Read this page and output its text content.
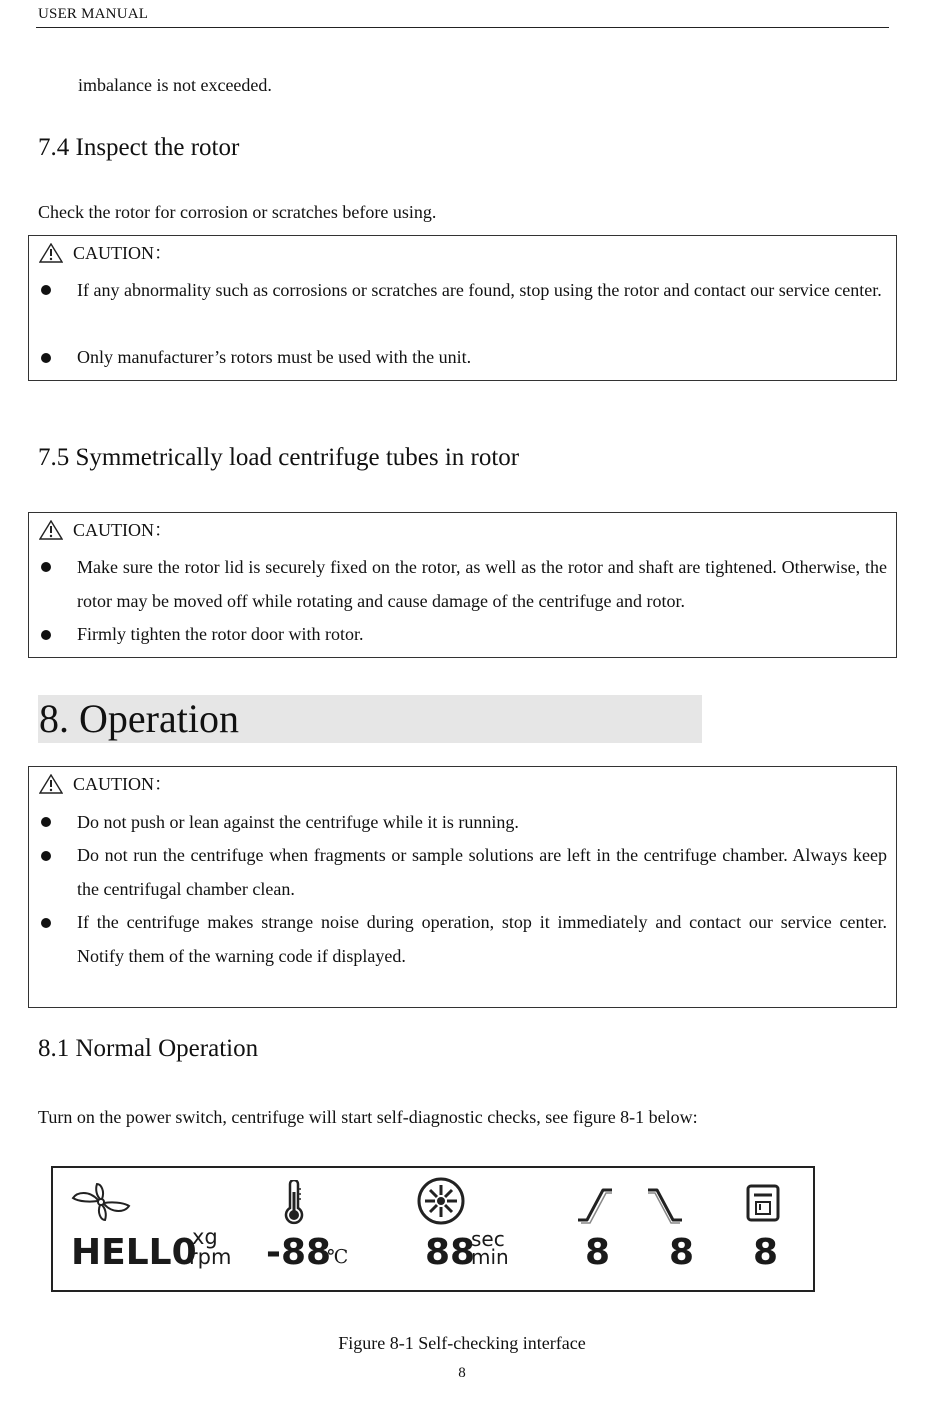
USER MANUAL
imbalance is not exceeded.
7.4 Inspect the rotor
Check the rotor for corrosion or scratches before using.
CAUTION：
If any abnormality such as corrosions or scratches are found, stop using the rotor and contact our service center.
Only manufacturer’s rotors must be used with the unit.
7.5 Symmetrically load centrifuge tubes in rotor
CAUTION：
Make sure the rotor lid is securely fixed on the rotor, as well as the rotor and shaft are tightened. Otherwise, the rotor may be moved off while rotating and cause damage of the centrifuge and rotor.
Firmly tighten the rotor door with rotor.
8. Operation
CAUTION：
Do not push or lean against the centrifuge while it is running.
Do not run the centrifuge when fragments or sample solutions are left in the centrifuge chamber. Always keep the centrifugal chamber clean.
If the centrifuge makes strange noise during operation, stop it immediately and contact our service center. Notify them of the warning code if displayed.
8.1 Normal Operation
Turn on the power switch, centrifuge will start self-diagnostic checks, see figure 8-1 below:
HELL0
xg
rpm -88
℃ 88
sec
min 8 8 8
Figure 8-1 Self-checking interface
8
